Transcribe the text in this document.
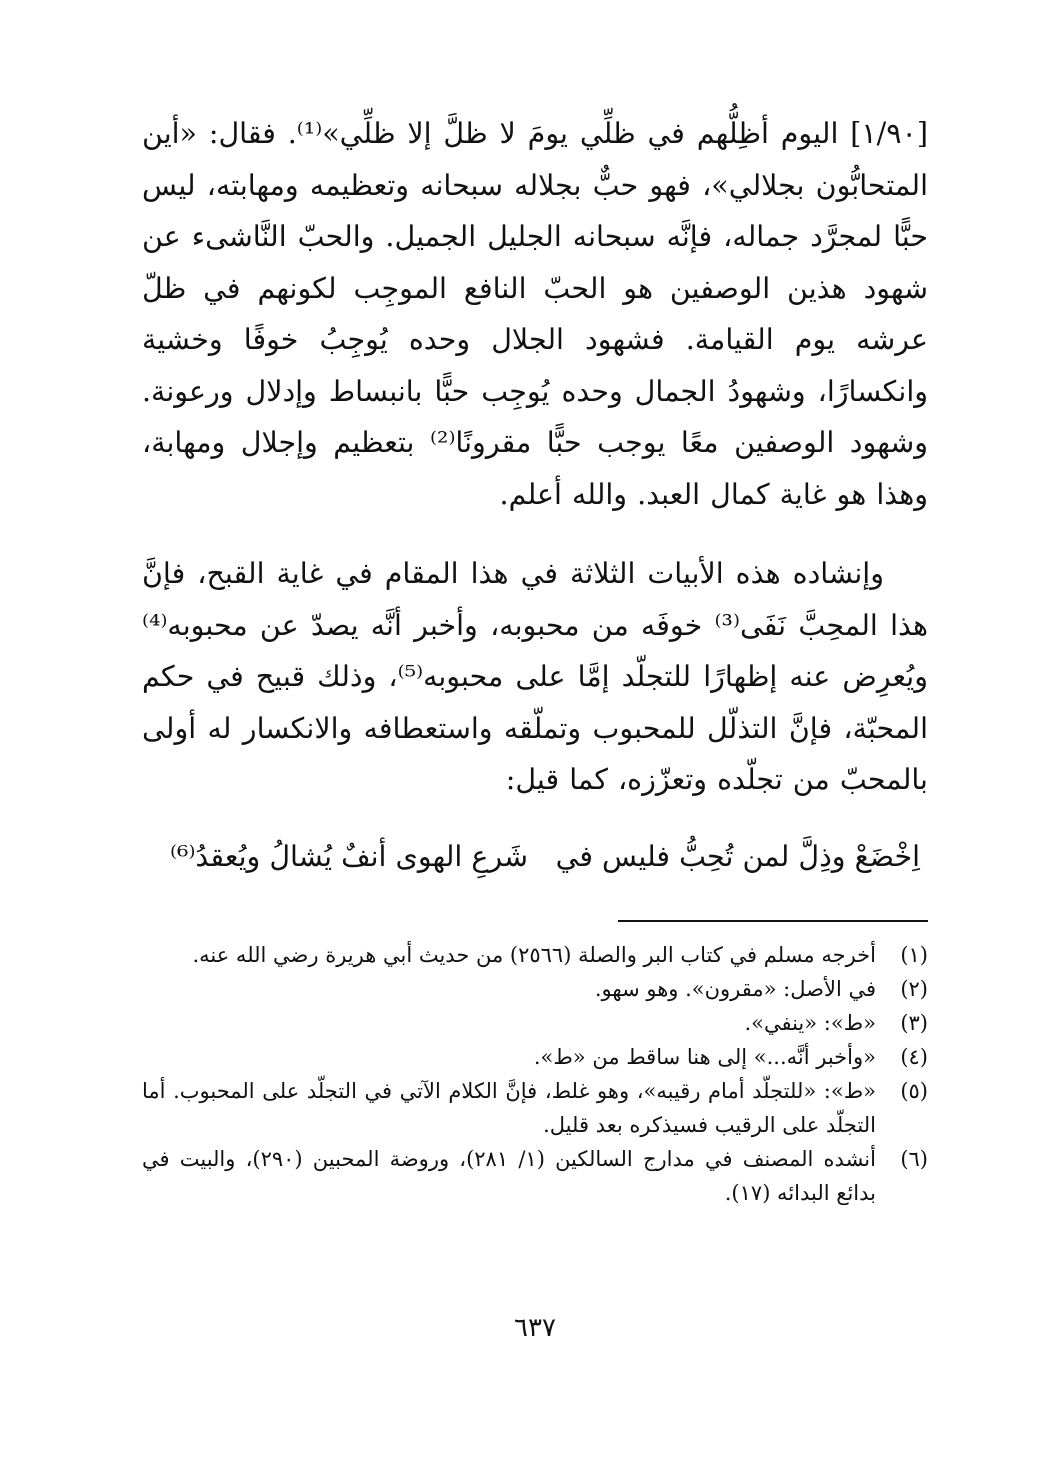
[١/٩٠] اليوم أظِلُّهم في ظلِّي يومَ لا ظلَّ إلا ظلِّي»⁽¹⁾. فقال: «أين المتحابُّون بجلالي»، فهو حبٌّ بجلاله سبحانه وتعظيمه ومهابته، ليس حبًّا لمجرَّد جماله، فإنَّه سبحانه الجليل الجميل. والحبّ النَّاشىء عن شهود هذين الوصفين هو الحبّ النافع الموجِب لكونهم في ظلّ عرشه يوم القيامة. فشهود الجلال وحده يُوجِبُ خوفًا وخشية وانكسارًا، وشهودُ الجمال وحده يُوجِب حبًّا بانبساط وإدلال ورعونة. وشهود الوصفين معًا يوجب حبًّا مقرونًا⁽²⁾ بتعظيم وإجلال ومهابة، وهذا هو غاية كمال العبد. والله أعلم.

وإنشاده هذه الأبيات الثلاثة في هذا المقام في غاية القبح، فإنَّ هذا المحِبَّ نَفَى⁽³⁾ خوفَه من محبوبه، وأخبر أنَّه يصدّ عن محبوبه⁽⁴⁾ ويُعرِض عنه إظهارًا للتجلّد إمَّا على محبوبه⁽⁵⁾، وذلك قبيح في حكم المحبّة، فإنَّ التذلّل للمحبوب وتملّقه واستعطافه والانكسار له أولى بالمحبّ من تجلّده وتعزّزه، كما قيل:

اِخْضَعْ وذِلَّ لمن تُحِبُّ فليس في
شَرعِ الهوى أنفٌ يُشالُ ويُعقدُ⁽⁶⁾
(١)
أخرجه مسلم في كتاب البر والصلة (٢٥٦٦) من حديث أبي هريرة رضي الله عنه.
(٢)
في الأصل: «مقرون». وهو سهو.
(٣)
«ط»: «ينفي».
(٤)
«وأخبر أنَّه...» إلى هنا ساقط من «ط».
(٥)
«ط»: «للتجلّد أمام رقيبه»، وهو غلط، فإنَّ الكلام الآتي في التجلّد على المحبوب. أما التجلّد على الرقيب فسيذكره بعد قليل.
(٦)
أنشده المصنف في مدارج السالكين (١/ ٢٨١)، وروضة المحبين (٢٩٠)، والبيت في بدائع البدائه (١٧).
٦٣٧
